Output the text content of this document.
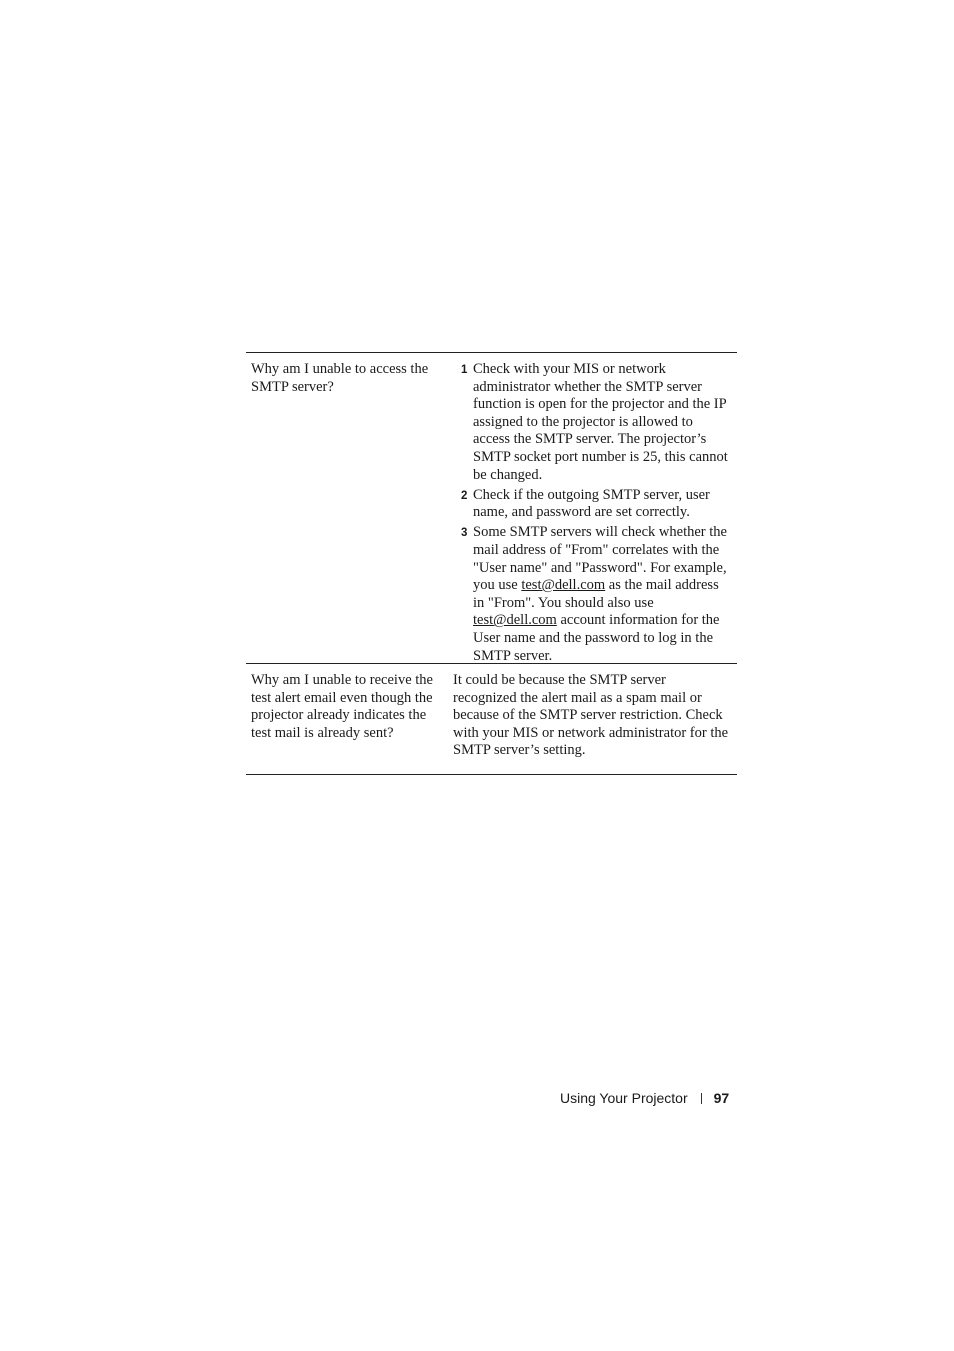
Why am I unable to access the SMTP server?
1 Check with your MIS or network administrator whether the SMTP server function is open for the projector and the IP assigned to the projector is allowed to access the SMTP server. The projector’s SMTP socket port number is 25, this cannot be changed.
2 Check if the outgoing SMTP server, user name, and password are set correctly.
3 Some SMTP servers will check whether the mail address of "From" correlates with the "User name" and "Password". For example, you use test@dell.com as the mail address in "From". You should also use test@dell.com account information for the User name and the password to log in the SMTP server.
Why am I unable to receive the test alert email even though the projector already indicates the test mail is already sent?
It could be because the SMTP server recognized the alert mail as a spam mail or because of the SMTP server restriction. Check with your MIS or network administrator for the SMTP server’s setting.
Using Your Projector 97
